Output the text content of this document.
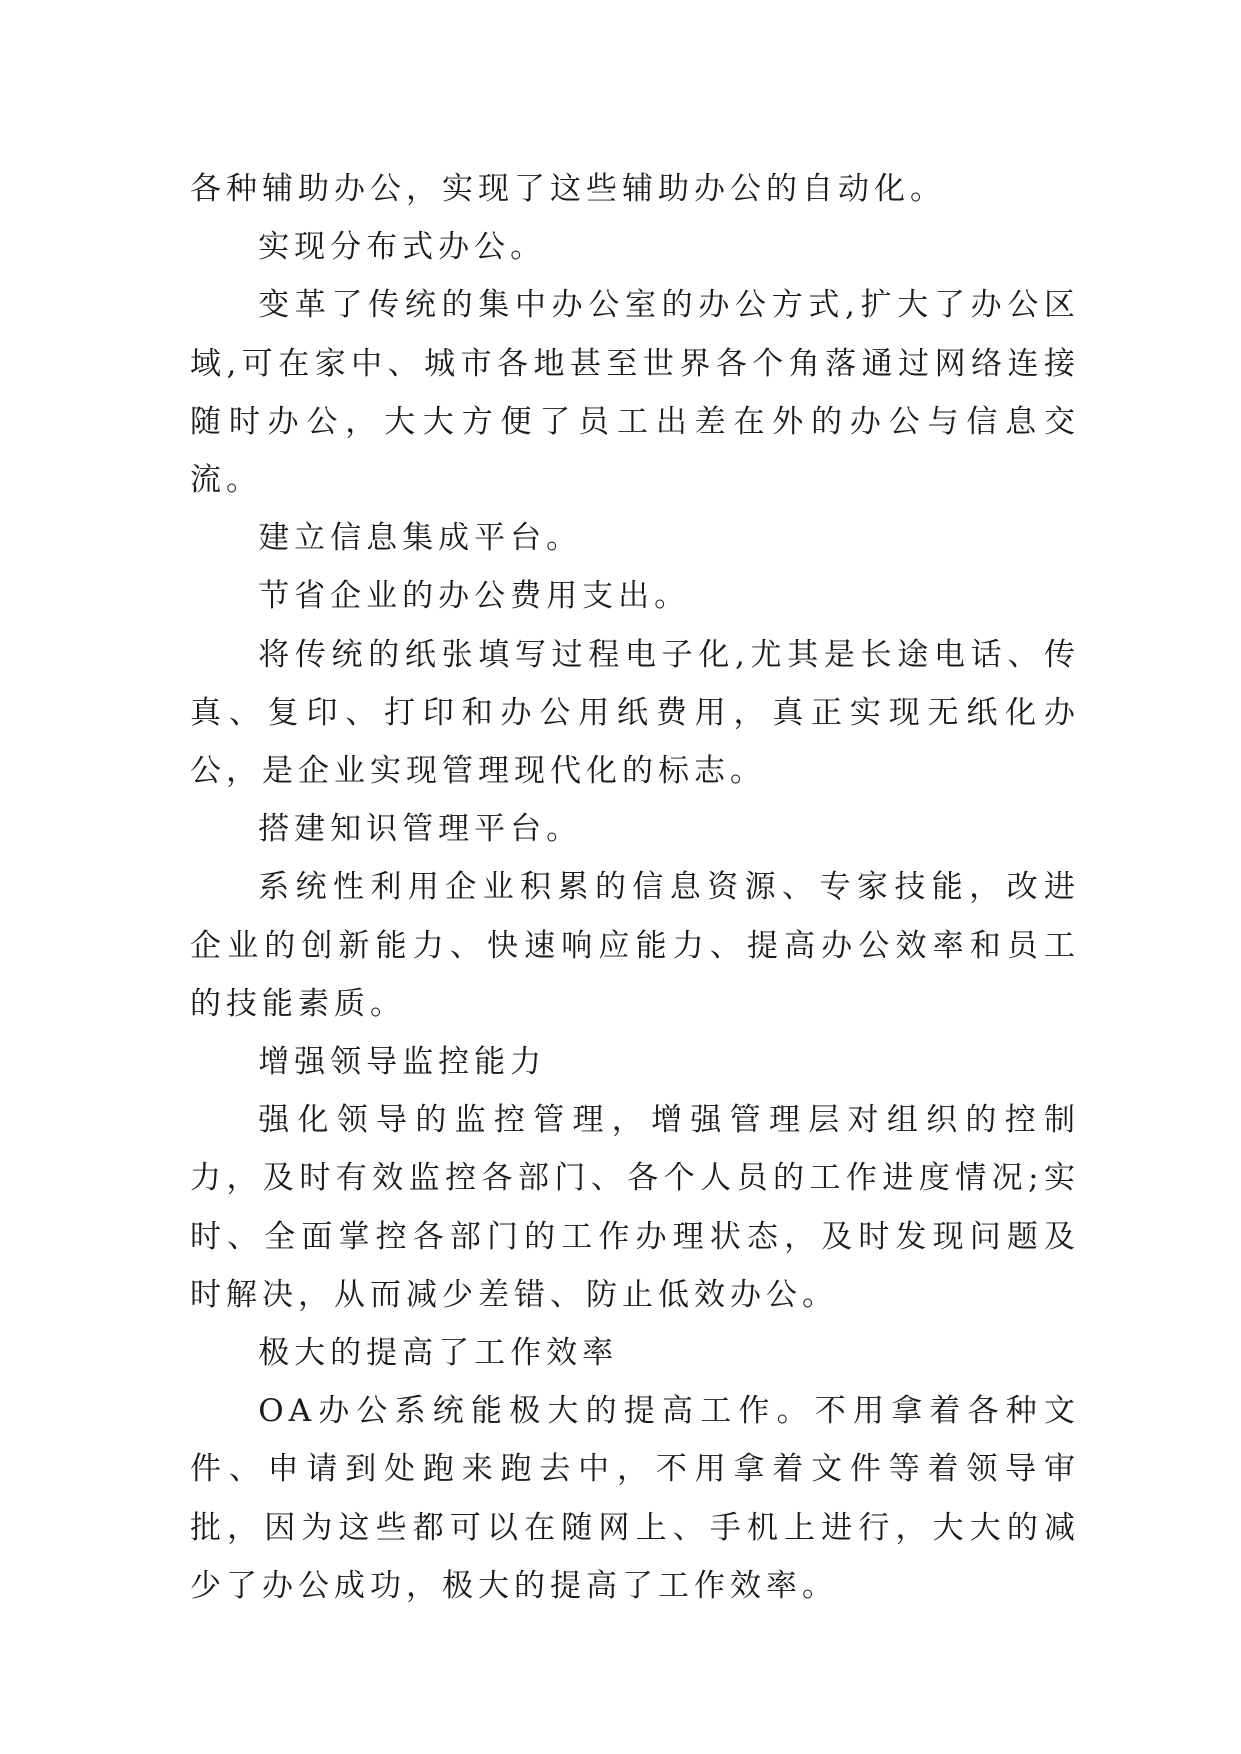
各种辅助办公，实现了这些辅助办公的自动化。

实现分布式办公。

变革了传统的集中办公室的办公方式,扩大了办公区域,可在家中、城市各地甚至世界各个角落通过网络连接随时办公，大大方便了员工出差在外的办公与信息交流。

建立信息集成平台。

节省企业的办公费用支出。

将传统的纸张填写过程电子化,尤其是长途电话、传真、复印、打印和办公用纸费用，真正实现无纸化办公，是企业实现管理现代化的标志。

搭建知识管理平台。

系统性利用企业积累的信息资源、专家技能，改进企业的创新能力、快速响应能力、提高办公效率和员工的技能素质。

增强领导监控能力

强化领导的监控管理，增强管理层对组织的控制力，及时有效监控各部门、各个人员的工作进度情况;实时、全面掌控各部门的工作办理状态，及时发现问题及时解决，从而减少差错、防止低效办公。

极大的提高了工作效率

OA办公系统能极大的提高工作。不用拿着各种文件、申请到处跑来跑去中，不用拿着文件等着领导审批，因为这些都可以在随网上、手机上进行，大大的减少了办公成功，极大的提高了工作效率。
